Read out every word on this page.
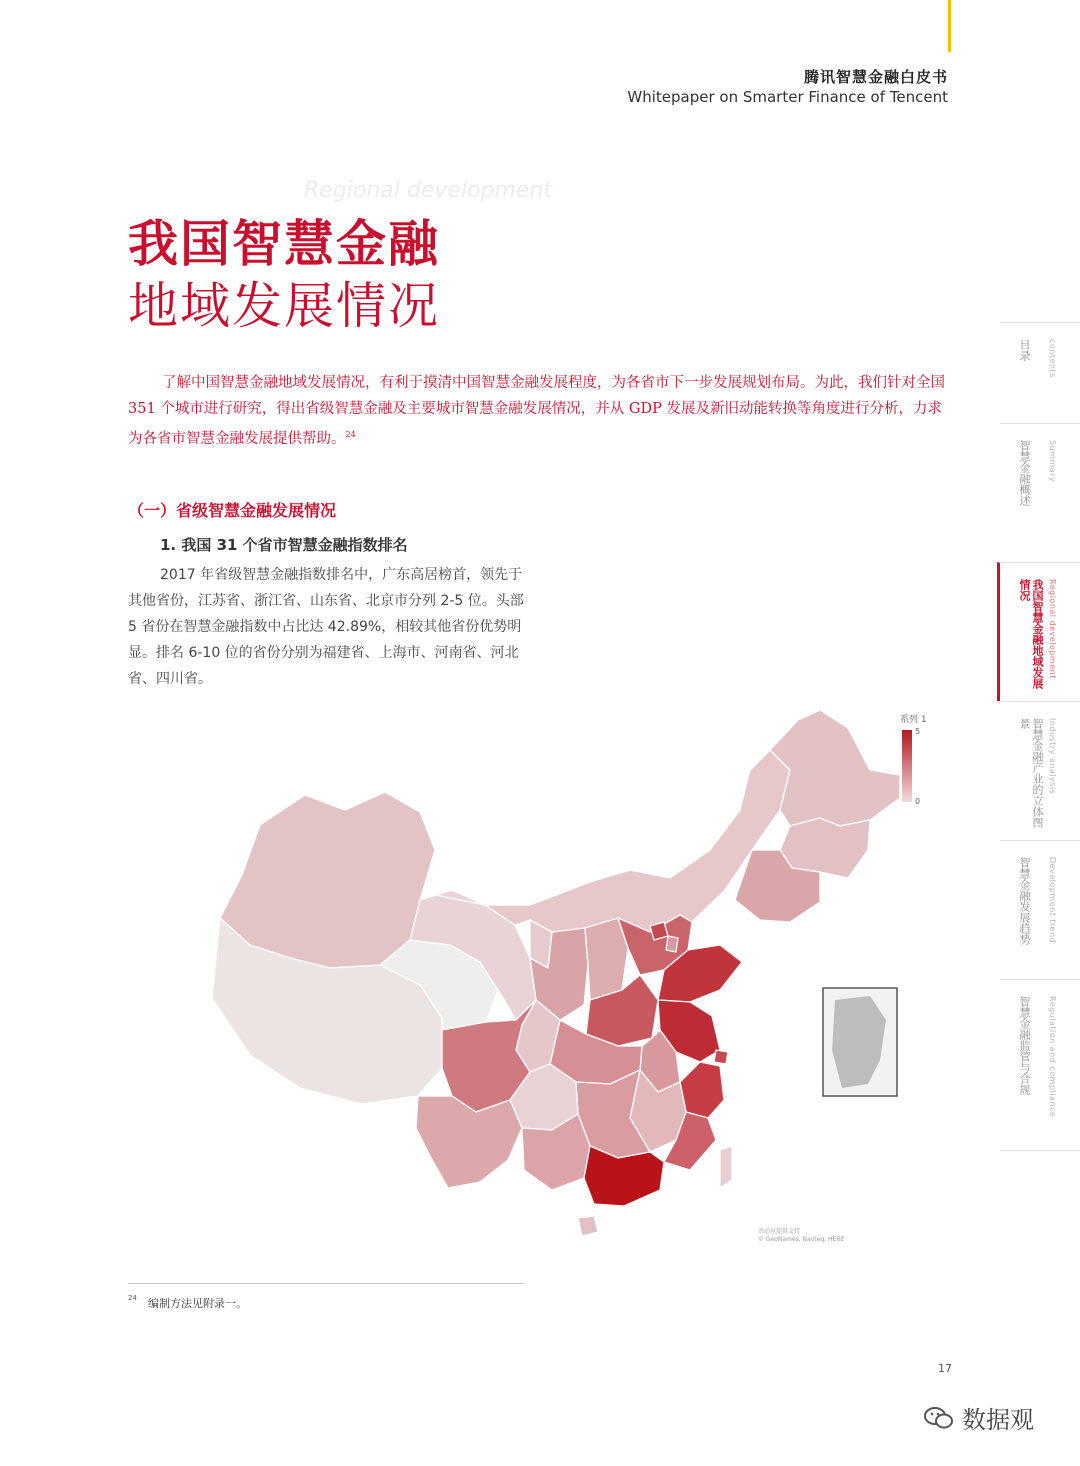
腾讯智慧金融白皮书
Whitepaper on Smarter Finance of Tencent
Regional development
我国智慧金融
地域发展情况
了解中国智慧金融地域发展情况，有利于摸清中国智慧金融发展程度，为各省市下一步发展规划布局。为此，我们针对全国 351 个城市进行研究，得出省级智慧金融及主要城市智慧金融发展情况，并从 GDP 发展及新旧动能转换等角度进行分析，力求为各省市智慧金融发展提供帮助。$^{24}$
（一）省级智慧金融发展情况
1. 我国 31 个省市智慧金融指数排名
2017 年省级智慧金融指数排名中，广东高居榜首，领先于其他省份，江苏省、浙江省、山东省、北京市分列 2-5 位。头部 5 省份在智慧金融指数中占比达 42.89%，相较其他省份优势明显。排名 6-10 位的省份分别为福建省、上海市、河南省、河北省、四川省。
系列 1
5
0
由必应提供支持
© GeoNames, Navteq, HERE
24 编制方法见附录一。
17
数据观
目录 contents
智慧金融概述 Summary
我国智慧金融地域发展情况	Regional development
智慧金融产业的立体图景	Industry analysis
智慧金融发展趋势 Development trend
智慧金融监管与合规 Regulation and compliance
